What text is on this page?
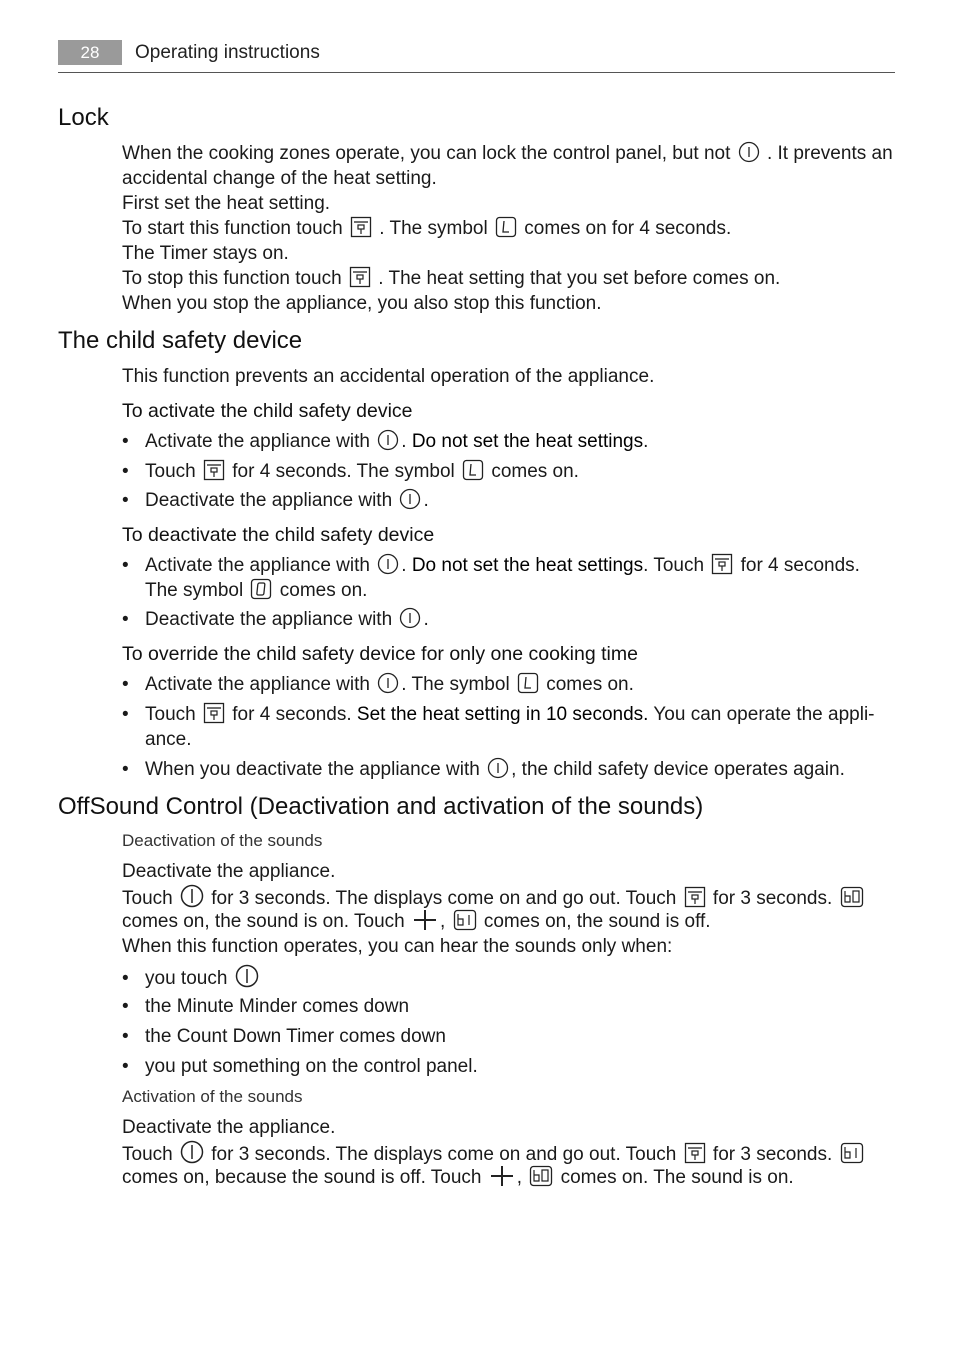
28	Operating instructions
Lock
When the cooking zones operate, you can lock the control panel, but not . It prevents an
accidental change of the heat setting.
First set the heat setting.
To start this function touch . The symbol comes on for 4 seconds.
The Timer stays on.
To stop this function touch . The heat setting that you set before comes on.
When you stop the appliance, you also stop this function.
The child safety device
This function prevents an accidental operation of the appliance.
To activate the child safety device
• Activate the appliance with . Do not set the heat settings.
• Touch for 4 seconds. The symbol comes on.
• Deactivate the appliance with .
To deactivate the child safety device
• Activate the appliance with . Do not set the heat settings. Touch for 4 seconds.
The symbol comes on.
• Deactivate the appliance with .
To override the child safety device for only one cooking time
• Activate the appliance with . The symbol comes on.
• Touch for 4 seconds. Set the heat setting in 10 seconds. You can operate the appli-
ance.
• When you deactivate the appliance with , the child safety device operates again.
OffSound Control (Deactivation and activation of the sounds)
Deactivation of the sounds
Deactivate the appliance.
Touch for 3 seconds. The displays come on and go out. Touch for 3 seconds.
comes on, the sound is on. Touch , comes on, the sound is off.
When this function operates, you can hear the sounds only when:
• you touch
• the Minute Minder comes down
• the Count Down Timer comes down
• you put something on the control panel.
Activation of the sounds
Deactivate the appliance.
Touch for 3 seconds. The displays come on and go out. Touch for 3 seconds.
comes on, because the sound is off. Touch , comes on. The sound is on.
